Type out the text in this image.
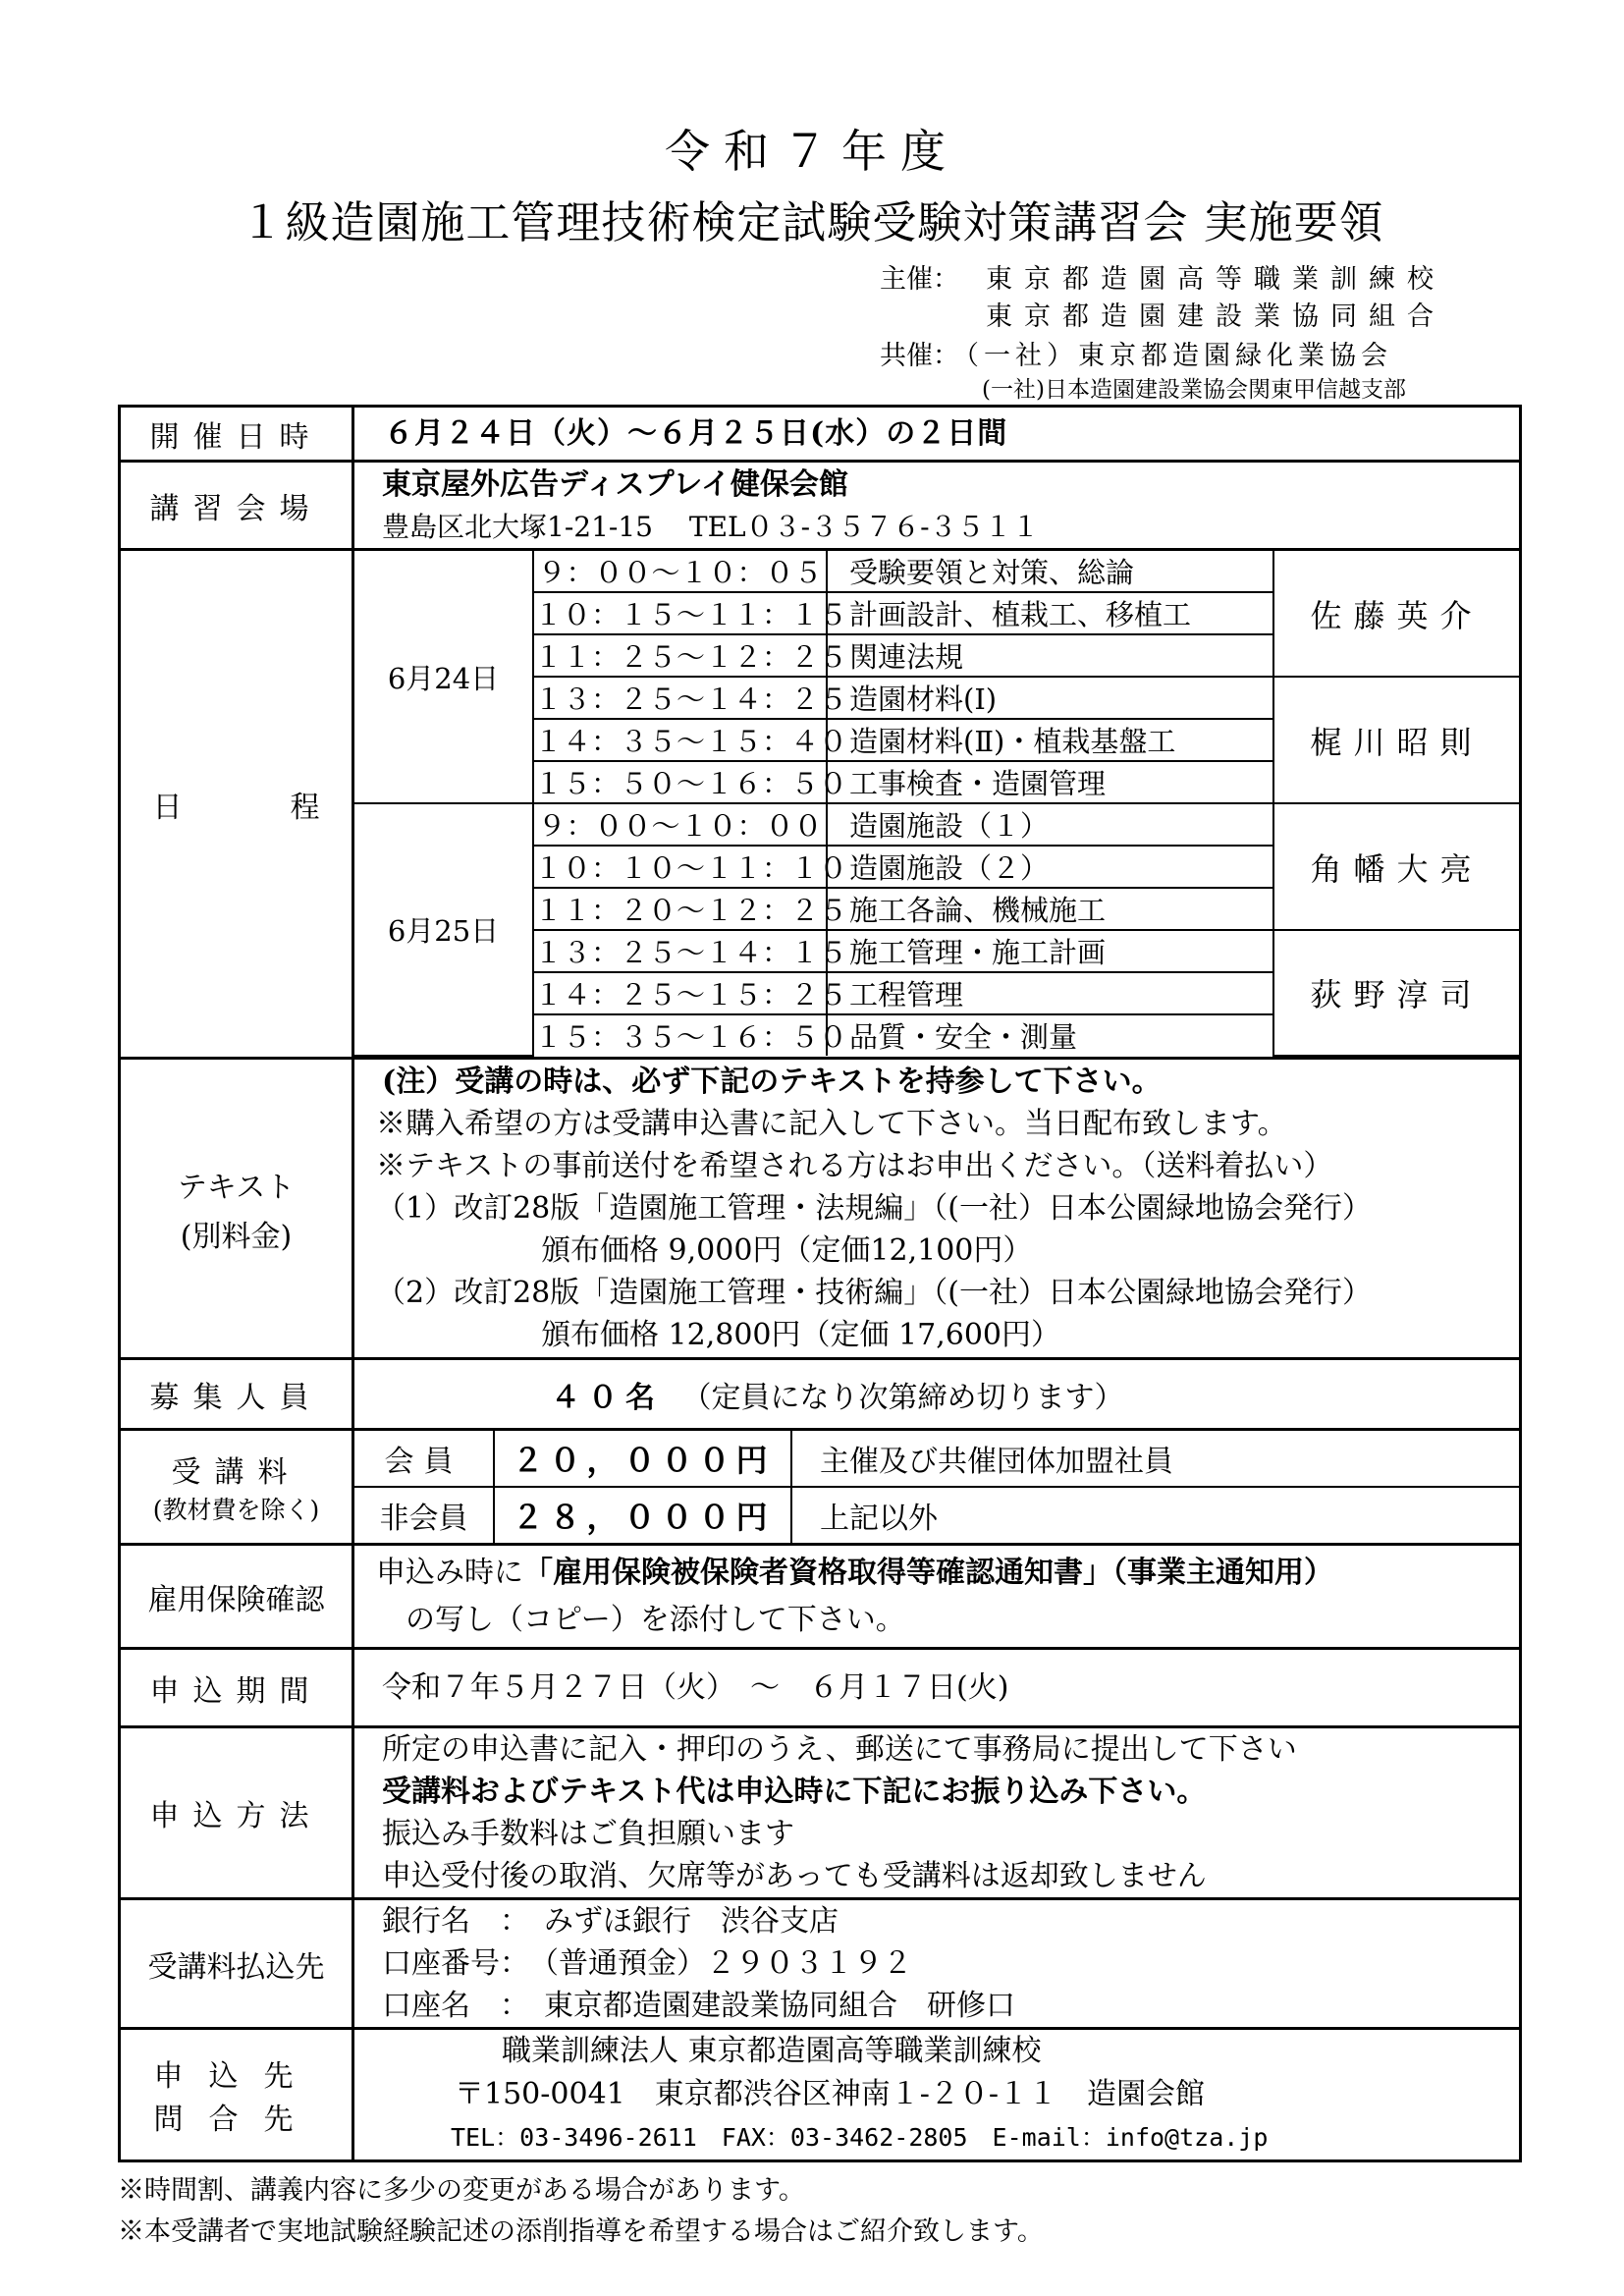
令和７年度
１級造園施工管理技術検定試験受験対策講習会 実施要領
主催： 東京都造園高等職業訓練校
東京都造園建設業協同組合
共催：
（一社）東京都造園緑化業協会
(一社)日本造園建設業協会関東甲信越支部
開催日時	６月２４日（火）～６月２５日(水）の２日間

講習会場	
東京屋外広告ディスプレイ健保会館
豊島区北大塚1-21-15　 TEL０３-３５７６-３５１１

日	程	
6月24日	９：００～１０：０５	受験要領と対策、総論	佐藤英介
１０：１５～１１：１５	計画設計、植栽工、移植工
１１：２５～１２：２５	関連法規
１３：２５～１４：２５	造園材料(Ⅰ)	梶川昭則
１４：３５～１５：４０	造園材料(Ⅱ)・植栽基盤工
１５：５０～１６：５０	工事検査・造園管理
6月25日	９：００～１０：００	造園施設（１）	角幡大亮
１０：１０～１１：１０	造園施設（２）
１１：２０～１２：２５	施工各論、機械施工
１３：２５～１４：１５	施工管理・施工計画	荻野淳司
１４：２５～１５：２５	工程管理
１５：３５～１６：５０	品質・安全・測量

テキスト
(別料金)

(注）受講の時は、必ず下記のテキストを持参して下さい。
※購入希望の方は受講申込書に記入して下さい。当日配布致します。
※テキストの事前送付を希望される方はお申出ください。（送料着払い）
（1）改訂28版「造園施工管理・法規編」（(一社）日本公園緑地協会発行）
頒布価格 9,000円（定価12,100円）
（2）改訂28版「造園施工管理・技術編」（(一社）日本公園緑地協会発行）
頒布価格 12,800円（定価 17,600円）

募集人員	４０名 （定員になり次第締め切ります）

受講料
(教材費を除く)

会員	２０，０００円	主催及び共催団体加盟社員
非会員	２８，０００円	上記以外

雇用保険確認	
申込み時に「雇用保険被保険者資格取得等確認通知書」（事業主通知用）
の写し（コピー）を添付して下さい。

申込期間	令和７年５月２７日（火）　～　６月１７日(火)

申込方法	
所定の申込書に記入・押印のうえ、郵送にて事務局に提出して下さい
受講料およびテキスト代は申込時に下記にお振り込み下さい。
振込み手数料はご負担願います
申込受付後の取消、欠席等があっても受講料は返却致しません

受講料払込先	
銀行名　：　みずほ銀行　渋谷支店
口座番号：　（普通預金）２９０３１９２
口座名　：　東京都造園建設業協同組合　研修口

申込先
問合先

職業訓練法人 東京都造園高等職業訓練校
〒150-0041　東京都渋谷区神南１-２０-１１　造園会館
TEL：03-3496-2611　FAX：03-3462-2805　E-mail：info@tza.jp
※時間割、講義内容に多少の変更がある場合があります。
※本受講者で実地試験経験記述の添削指導を希望する場合はご紹介致します。
